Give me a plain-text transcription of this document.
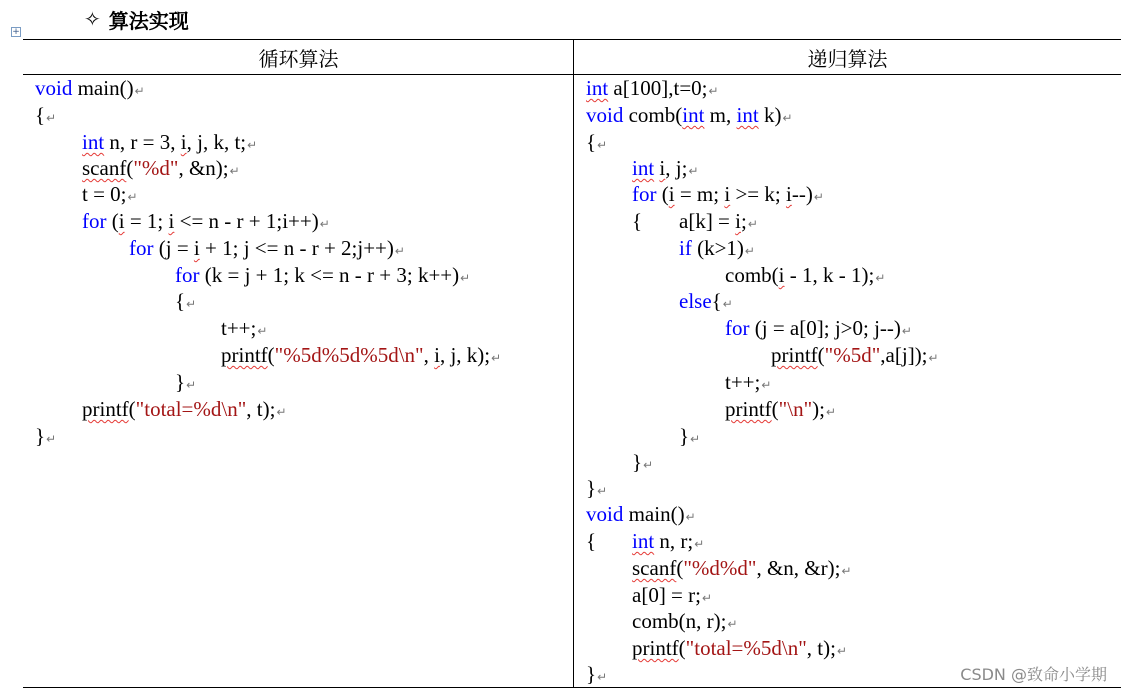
✧ 算法实现
+
循环算法	递归算法
void main()↵
{↵
int n, r = 3, i, j, k, t;↵
scanf("%d", &n);↵
t = 0;↵
for (i = 1; i <= n - r + 1;i++)↵
for (j = i + 1; j <= n - r + 2;j++)↵
for (k = j + 1; k <= n - r + 3; k++)↵
{↵
t++;↵
printf("%5d%5d%5d\n", i, j, k);↵
}↵
printf("total=%d\n", t);↵
}↵
int a[100],t=0;↵
void comb(int m, int k)↵
{↵
int i, j;↵
for (i = m; i >= k; i--)↵
{ a[k] = i;↵
if (k>1)↵
comb(i - 1, k - 1);↵
else{↵
for (j = a[0]; j>0; j--)↵
printf("%5d",a[j]);↵
t++;↵
printf("\n");↵
}↵
}↵
}↵
void main()↵
{ int n, r;↵
scanf("%d%d", &n, &r);↵
a[0] = r;↵
comb(n, r);↵
printf("total=%5d\n", t);↵
}↵	CSDN @致命小学期
